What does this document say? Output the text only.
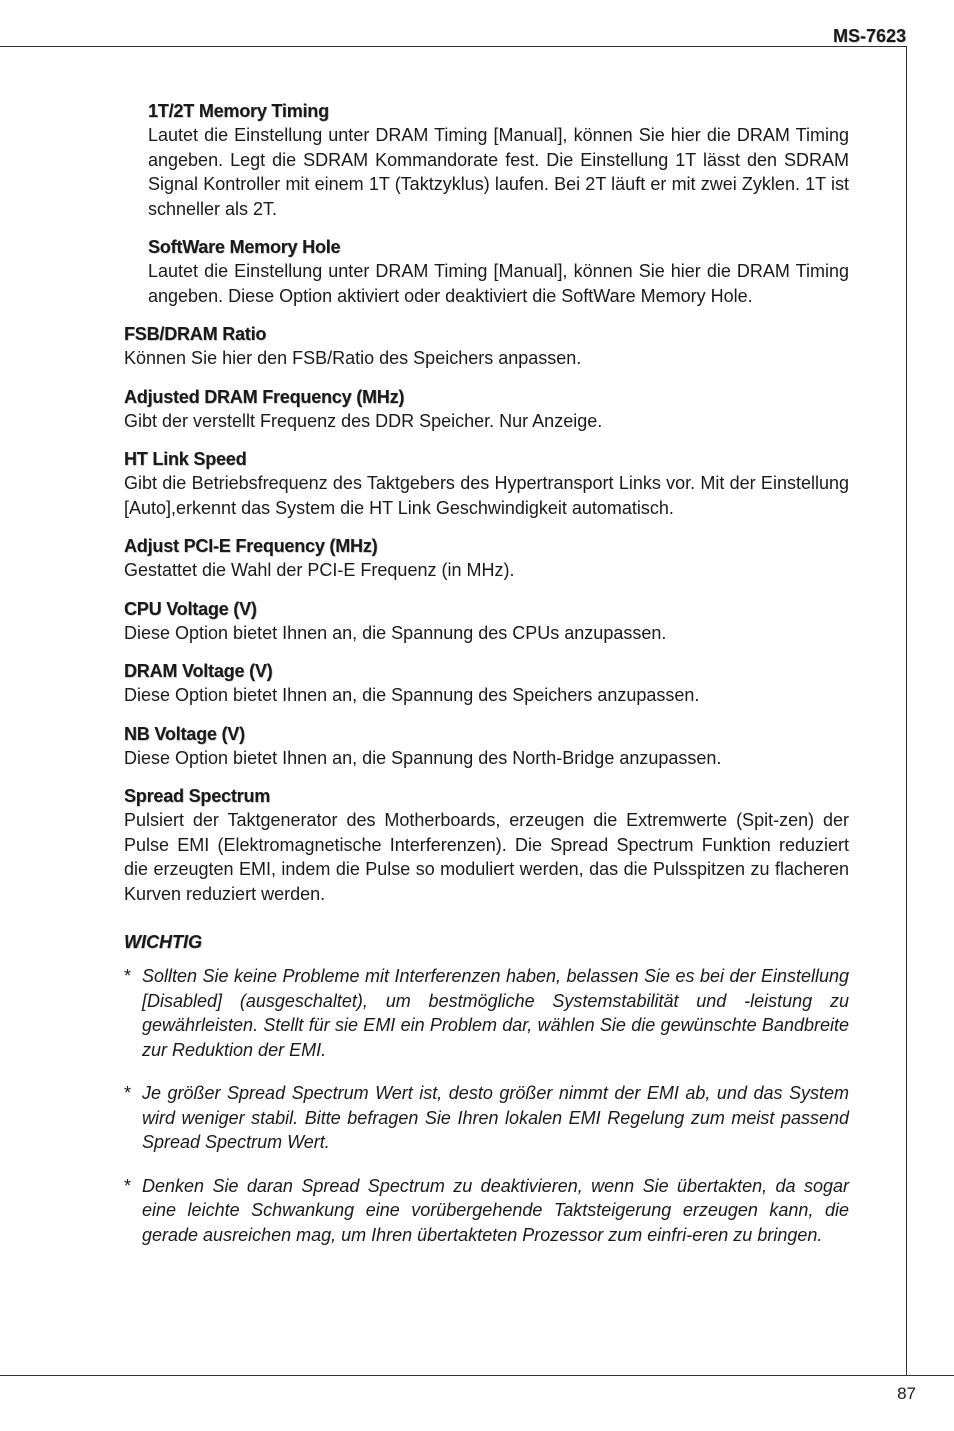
MS-7623
1T/2T Memory Timing

Lautet die Einstellung unter DRAM Timing [Manual], können Sie hier die DRAM Timing angeben. Legt die SDRAM Kommandorate fest. Die Einstellung 1T lässt den SDRAM Signal Kontroller mit einem 1T (Taktzyklus) laufen. Bei 2T läuft er mit zwei Zyklen. 1T ist schneller als 2T.

SoftWare Memory Hole

Lautet die Einstellung unter DRAM Timing [Manual], können Sie hier die DRAM Timing angeben. Diese Option aktiviert oder deaktiviert die SoftWare Memory Hole.

FSB/DRAM Ratio

Können Sie hier den FSB/Ratio des Speichers anpassen.

Adjusted DRAM Frequency (MHz)

Gibt der verstellt Frequenz des DDR Speicher. Nur Anzeige.

HT Link Speed

Gibt die Betriebsfrequenz des Taktgebers des Hypertransport Links vor. Mit der Einstellung [Auto],erkennt das System die HT Link Geschwindigkeit automatisch.

Adjust PCI-E Frequency (MHz)

Gestattet die Wahl der PCI-E Frequenz (in MHz).

CPU Voltage (V)

Diese Option bietet Ihnen an, die Spannung des CPUs anzupassen.

DRAM Voltage (V)

Diese Option bietet Ihnen an, die Spannung des Speichers anzupassen.

NB Voltage (V)

Diese Option bietet Ihnen an, die Spannung des North-Bridge anzupassen.

Spread Spectrum

Pulsiert der Taktgenerator des Motherboards, erzeugen die Extremwerte (Spit-zen) der Pulse EMI (Elektromagnetische Interferenzen). Die Spread Spectrum Funktion reduziert die erzeugten EMI, indem die Pulse so moduliert werden, das die Pulsspitzen zu flacheren Kurven reduziert werden.

WICHTIG
* Sollten Sie keine Probleme mit Interferenzen haben, belassen Sie es bei der Einstellung [Disabled] (ausgeschaltet), um bestmögliche Systemstabilität und -leistung zu gewährleisten. Stellt für sie EMI ein Problem dar, wählen Sie die gewünschte Bandbreite zur Reduktion der EMI.

* Je größer Spread Spectrum Wert ist, desto größer nimmt der EMI ab, und das System wird weniger stabil. Bitte befragen Sie Ihren lokalen EMI Regelung zum meist passend Spread Spectrum Wert.

* Denken Sie daran Spread Spectrum zu deaktivieren, wenn Sie übertakten, da sogar eine leichte Schwankung eine vorübergehende Taktsteigerung erzeugen kann, die gerade ausreichen mag, um Ihren übertakteten Prozessor zum einfri-eren zu bringen.

87
